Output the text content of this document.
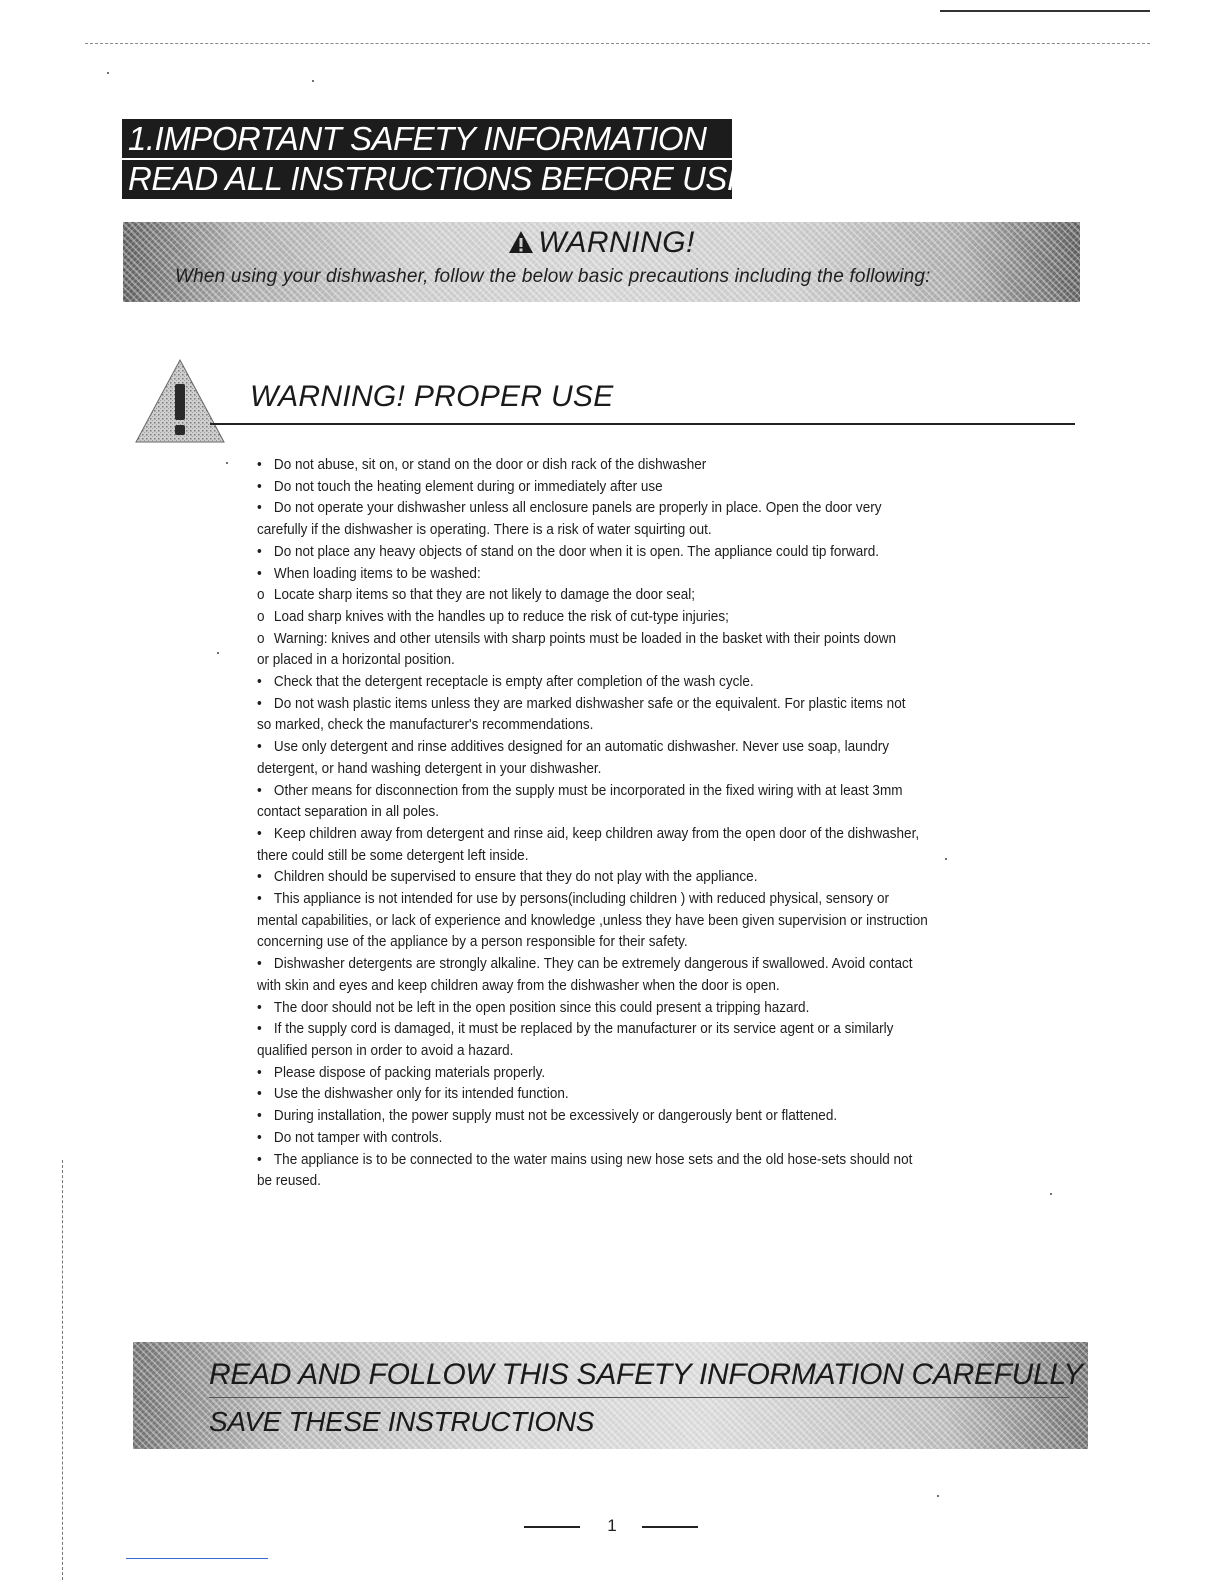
1.IMPORTANT SAFETY INFORMATION
READ ALL INSTRUCTIONS BEFORE USING
WARNING!
When using your dishwasher, follow the below basic precautions including the following:
WARNING! PROPER USE
• Do not abuse, sit on, or stand on the door or dish rack of the dishwasher
• Do not touch the heating element during or immediately after use
• Do not operate your dishwasher unless all enclosure panels are properly in place. Open the door very
carefully if the dishwasher is operating. There is a risk of water squirting out.
• Do not place any heavy objects of stand on the door when it is open. The appliance could tip forward.
• When loading items to be washed:
o Locate sharp items so that they are not likely to damage the door seal;
o Load sharp knives with the handles up to reduce the risk of cut-type injuries;
o Warning: knives and other utensils with sharp points must be loaded in the basket with their points down
or placed in a horizontal position.
• Check that the detergent receptacle is empty after completion of the wash cycle.
• Do not wash plastic items unless they are marked dishwasher safe or the equivalent. For plastic items not
so marked, check the manufacturer's recommendations.
• Use only detergent and rinse additives designed for an automatic dishwasher. Never use soap, laundry
detergent, or hand washing detergent in your dishwasher.
• Other means for disconnection from the supply must be incorporated in the fixed wiring with at least 3mm
contact separation in all poles.
• Keep children away from detergent and rinse aid, keep children away from the open door of the dishwasher,
there could still be some detergent left inside.
• Children should be supervised to ensure that they do not play with the appliance.
• This appliance is not intended for use by persons(including children ) with reduced physical, sensory or
mental capabilities, or lack of experience and knowledge ,unless they have been given supervision or instruction
concerning use of the appliance by a person responsible for their safety.
• Dishwasher detergents are strongly alkaline. They can be extremely dangerous if swallowed. Avoid contact
with skin and eyes and keep children away from the dishwasher when the door is open.
• The door should not be left in the open position since this could present a tripping hazard.
• If the supply cord is damaged, it must be replaced by the manufacturer or its service agent or a similarly
qualified person in order to avoid a hazard.
• Please dispose of packing materials properly.
• Use the dishwasher only for its intended function.
• During installation, the power supply must not be excessively or dangerously bent or flattened.
• Do not tamper with controls.
• The appliance is to be connected to the water mains using new hose sets and the old hose-sets should not
be reused.
READ AND FOLLOW THIS SAFETY INFORMATION CAREFULLY
SAVE THESE INSTRUCTIONS
1
